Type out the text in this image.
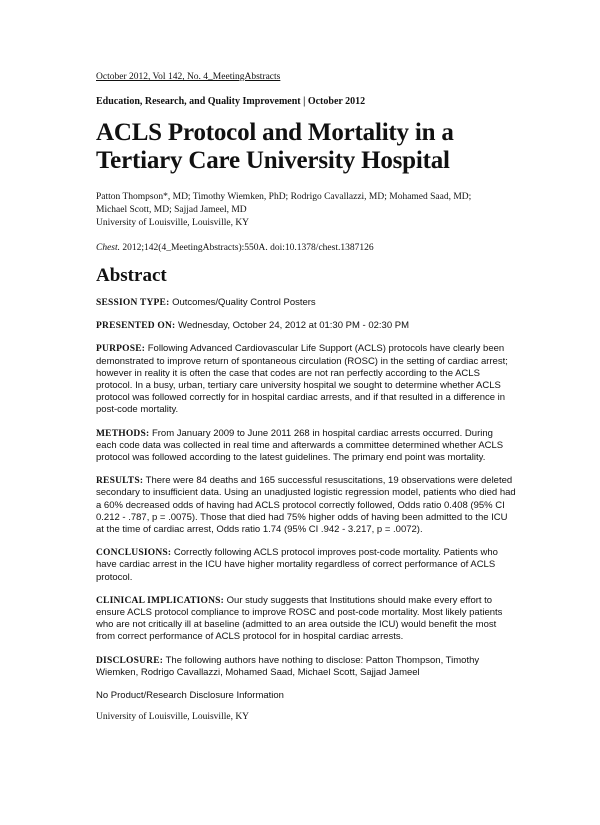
October 2012, Vol 142, No. 4_MeetingAbstracts

Education, Research, and Quality Improvement | October 2012

ACLS Protocol and Mortality in a Tertiary Care University Hospital

Patton Thompson*, MD; Timothy Wiemken, PhD; Rodrigo Cavallazzi, MD; Mohamed Saad, MD;

Michael Scott, MD; Sajjad Jameel, MD

University of Louisville, Louisville, KY

Chest. 2012;142(4_MeetingAbstracts):550A. doi:10.1378/chest.1387126

Abstract

SESSION TYPE: Outcomes/Quality Control Posters

PRESENTED ON: Wednesday, October 24, 2012 at 01:30 PM - 02:30 PM

PURPOSE: Following Advanced Cardiovascular Life Support (ACLS) protocols have clearly been demonstrated to improve return of spontaneous circulation (ROSC) in the setting of cardiac arrest; however in reality it is often the case that codes are not ran perfectly according to the ACLS protocol. In a busy, urban, tertiary care university hospital we sought to determine whether ACLS protocol was followed correctly for in hospital cardiac arrests, and if that resulted in a difference in post-code mortality.

METHODS: From January 2009 to June 2011 268 in hospital cardiac arrests occurred. During each code data was collected in real time and afterwards a committee determined whether ACLS protocol was followed according to the latest guidelines. The primary end point was mortality.

RESULTS: There were 84 deaths and 165 successful resuscitations, 19 observations were deleted secondary to insufficient data. Using an unadjusted logistic regression model, patients who died had a 60% decreased odds of having had ACLS protocol correctly followed, Odds ratio 0.408 (95% CI 0.212 - .787, p = .0075). Those that died had 75% higher odds of having been admitted to the ICU at the time of cardiac arrest, Odds ratio 1.74 (95% CI .942 - 3.217, p = .0072).

CONCLUSIONS: Correctly following ACLS protocol improves post-code mortality. Patients who have cardiac arrest in the ICU have higher mortality regardless of correct performance of ACLS protocol.

CLINICAL IMPLICATIONS: Our study suggests that Institutions should make every effort to ensure ACLS protocol compliance to improve ROSC and post-code mortality. Most likely patients who are not critically ill at baseline (admitted to an area outside the ICU) would benefit the most from correct performance of ACLS protocol for in hospital cardiac arrests.

DISCLOSURE: The following authors have nothing to disclose: Patton Thompson, Timothy Wiemken, Rodrigo Cavallazzi, Mohamed Saad, Michael Scott, Sajjad Jameel

No Product/Research Disclosure Information

University of Louisville, Louisville, KY
